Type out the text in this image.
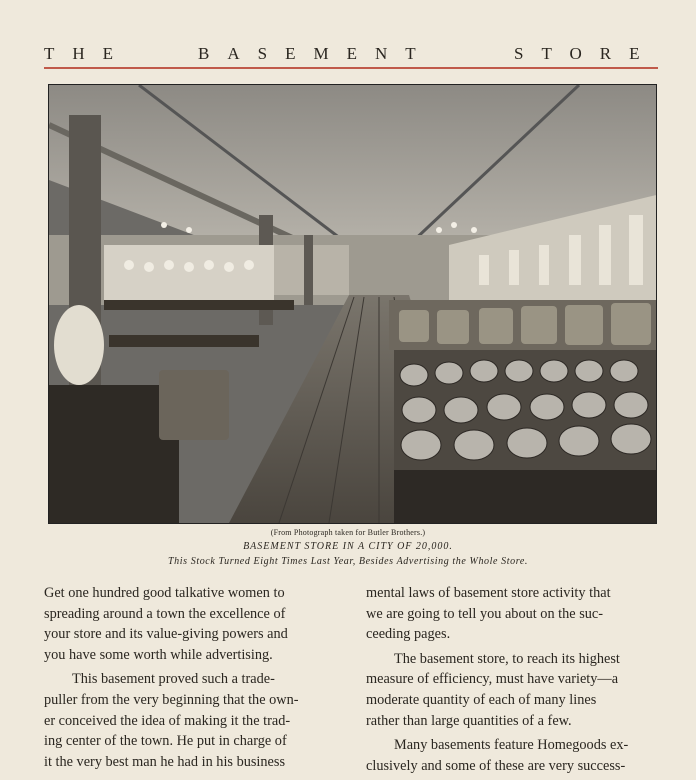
THE	BASEMENT	STORE
(From Photograph taken for Butler Brothers.)
BASEMENT STORE IN A CITY OF 20,000.
This Stock Turned Eight Times Last Year, Besides Advertising the Whole Store.

Get one hundred good talkative women to
spreading around a town the excellence of
your store and its value-giving powers and
you have some worth while advertising.

This basement proved such a trade-
puller from the very beginning that the own-
er conceived the idea of making it the trad-
ing center of the town. He put in charge of
it the very best man he had in his business

mental laws of basement store activity that
we are going to tell you about on the suc-
ceeding pages.

The basement store, to reach its highest
measure of efficiency, must have variety—a
moderate quantity of each of many lines
rather than large quantities of a few.

Many basements feature Homegoods ex-
clusively and some of these are very success-
